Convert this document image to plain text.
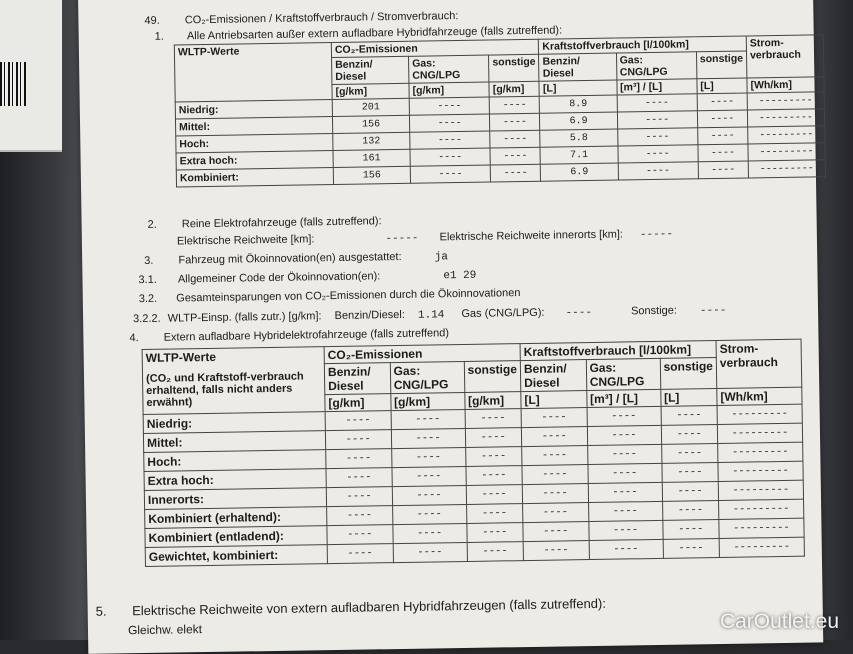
49. CO₂-Emissionen / Kraftstoffverbrauch / Stromverbrauch:
1. Alle Antriebsarten außer extern aufladbare Hybridfahrzeuge (falls zutreffend):
WLTP-Werte	CO₂-Emissionen			Kraftstoffverbrauch [l/100km]			Strom-verbrauch
	Benzin/ Diesel	Gas: CNG/LPG	sonstige	Benzin/ Diesel	Gas: CNG/LPG	sonstige	
	[g/km]	[g/km]	[g/km]	[L]	[m³] / [L]	[L]	[Wh/km]
Niedrig:	201	----	----	8.9	----	----	---------
Mittel:	156	----	----	6.9	----	----	---------
Hoch:	132	----	----	5.8	----	----	---------
Extra hoch:	161	----	----	7.1	----	----	---------
Kombiniert:	156	----	----	6.9	----	----	---------
2. Reine Elektrofahrzeuge (falls zutreffend):
Elektrische Reichweite [km]:	----- Elektrische Reichweite innerorts [km]: -----
3. Fahrzeug mit Ökoinnovation(en) ausgestattet:	ja
3.1. Allgemeiner Code der Ökoinnovation(en):	e1 29
3.2. Gesamteinsparungen von CO₂-Emissionen durch die Ökoinnovationen
3.2.2. WLTP-Einsp. (falls zutr.) [g/km]: Benzin/Diesel: 1.14 Gas (CNG/LPG): ----	Sonstige: ----
4. Extern aufladbare Hybridelektrofahrzeuge (falls zutreffend)
WLTP-Werte
(CO₂ und Kraftstoff-verbrauch erhaltend, falls nicht anders erwähnt)	CO₂-Emissionen			Kraftstoffverbrauch [l/100km]			Strom-verbrauch
	Benzin/ Diesel	Gas: CNG/LPG	sonstige	Benzin/ Diesel	Gas: CNG/LPG	sonstige	
	[g/km]	[g/km]	[g/km]	[L]	[m³] / [L]	[L]	[Wh/km]
Niedrig:	----	----	----	----	----	----	---------
Mittel:	----	----	----	----	----	----	---------
Hoch:	----	----	----	----	----	----	---------
Extra hoch:	----	----	----	----	----	----	---------
Innerorts:	----	----	----	----	----	----	---------
Kombiniert (erhaltend):	----	----	----	----	----	----	---------
Kombiniert (entladend):	----	----	----	----	----	----	---------
Gewichtet, kombiniert:	----	----	----	----	----	----	---------
5. Elektrische Reichweite von extern aufladbaren Hybridfahrzeugen (falls zutreffend):
Gleichw. elekt	CarOutlet.eu
